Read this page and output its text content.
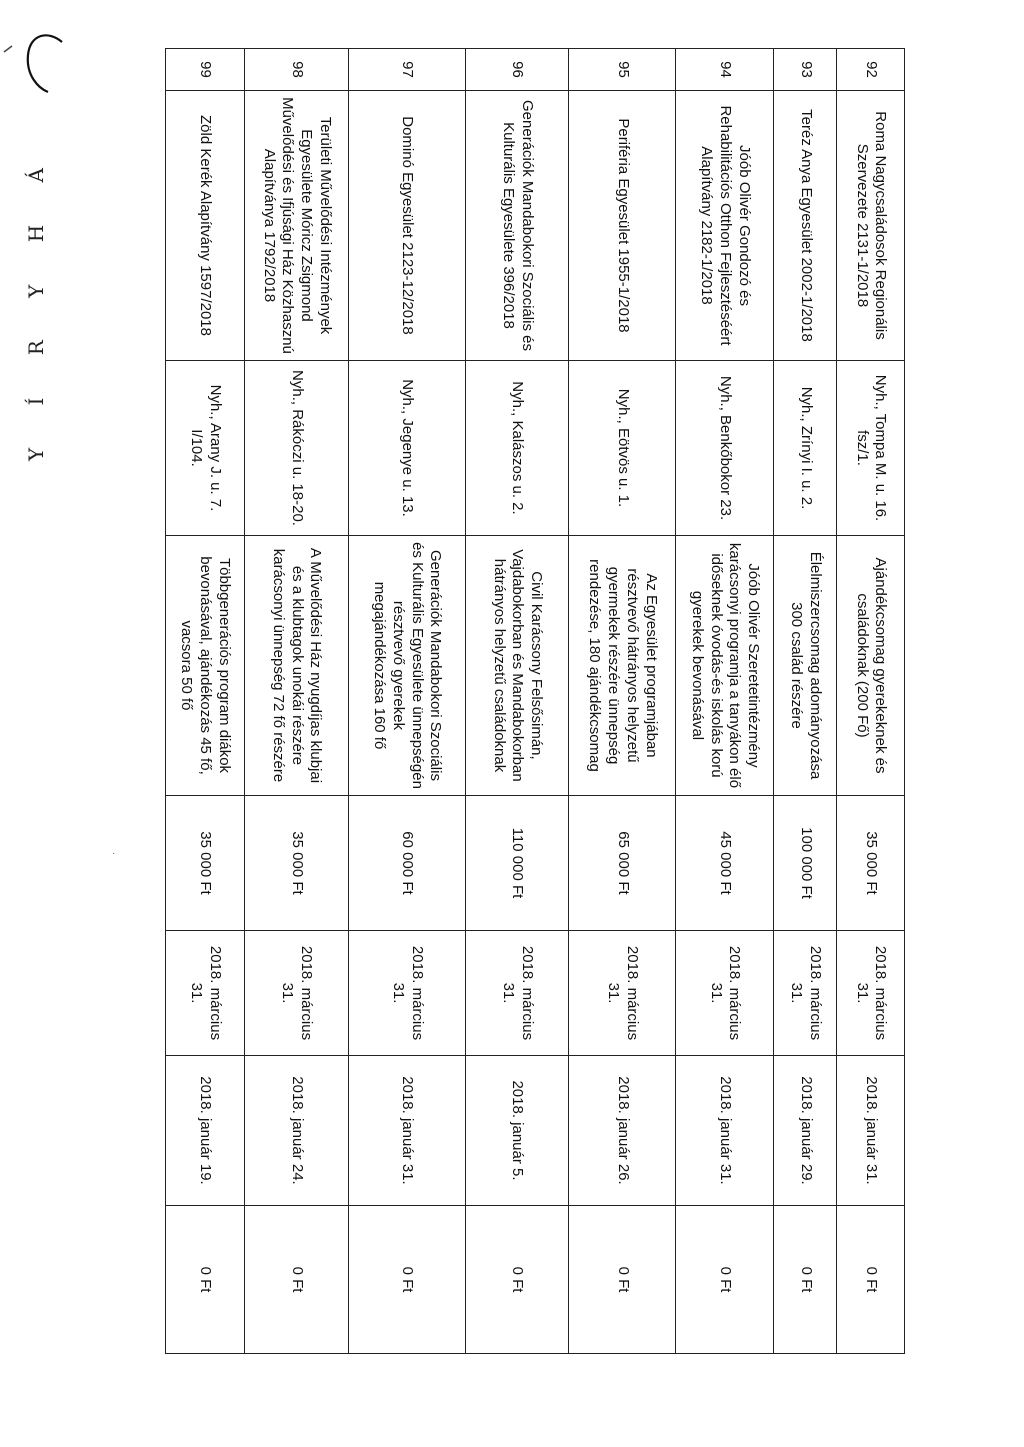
Y Í R Y H Á
·
92	Roma Nagycsaládosok Regionális Szervezete 2131-1/2018	Nyh., Tompa M. u. 16. fsz/1.	Ajándékcsomag gyerekeknek és családoknak (200 Fő)	35 000 Ft	2018. március 31.	2018. január 31.	0 Ft
93	Teréz Anya Egyesület 2002-1/2018	Nyh., Zrínyi I. u. 2.	Élelmiszercsomag adományozása 300 család részére	100 000 Ft	2018. március 31.	2018. január 29.	0 Ft
94	Jóób Olivér Gondozó és Rehabilitációs Otthon Fejlesztéséért Alapítvány 2182-1/2018	Nyh., Benkőbokor 23.	Jóób Olivér Szeretetintézmény karácsonyi programja a tanyákon élő időseknek óvodás-és iskolás korú gyerekek bevonásával	45 000 Ft	2018. március 31.	2018. január 31.	0 Ft
95	Periféria Egyesület 1955-1/2018	Nyh., Eötvös u. 1.	Az Egyesület programjában résztvevő hátrányos helyzetű gyermekek részére ünnepség rendezése, 180 ajándékcsomag	65 000 Ft	2018. március 31.	2018. január 26.	0 Ft
96	Generációk Mandabokori Szociális és Kulturális Egyesülete 396/2018	Nyh., Kalászos u. 2.	Civil Karácsony Felsősimán, Vajdabokorban és Mandabokorban hátrányos helyzetű családoknak	110 000 Ft	2018. március 31.	2018. január 5.	0 Ft
97	Dominó Egyesület 2123-12/2018	Nyh., Jegenye u. 13.	Generációk Mandabokori Szociális és Kulturális Egyesülete ünnepségén résztvevő gyerekek megajándékozása 160 fő	60 000 Ft	2018. március 31.	2018. január 31.	0 Ft
98	Területi Művelődési Intézmények Egyesülete Móricz Zsigmond Művelődési és Ifjúsági Ház Közhasznú Alapítványa 1792/2018	Nyh., Rákóczi u. 18-20.	A Művelődési Ház nyugdíjas klubjai és a klubtagok unokái részére karácsonyi ünnepség 72 fő részére	35 000 Ft	2018. március 31.	2018. január 24.	0 Ft
99	Zöld Kerék Alapítvány 1597/2018	Nyh., Arany J. u. 7. I/104.	Többgenerációs program diákok bevonásával, ajándékozás 45 fő, vacsora 50 fő	35 000 Ft	2018. március 31.	2018. január 19.	0 Ft
